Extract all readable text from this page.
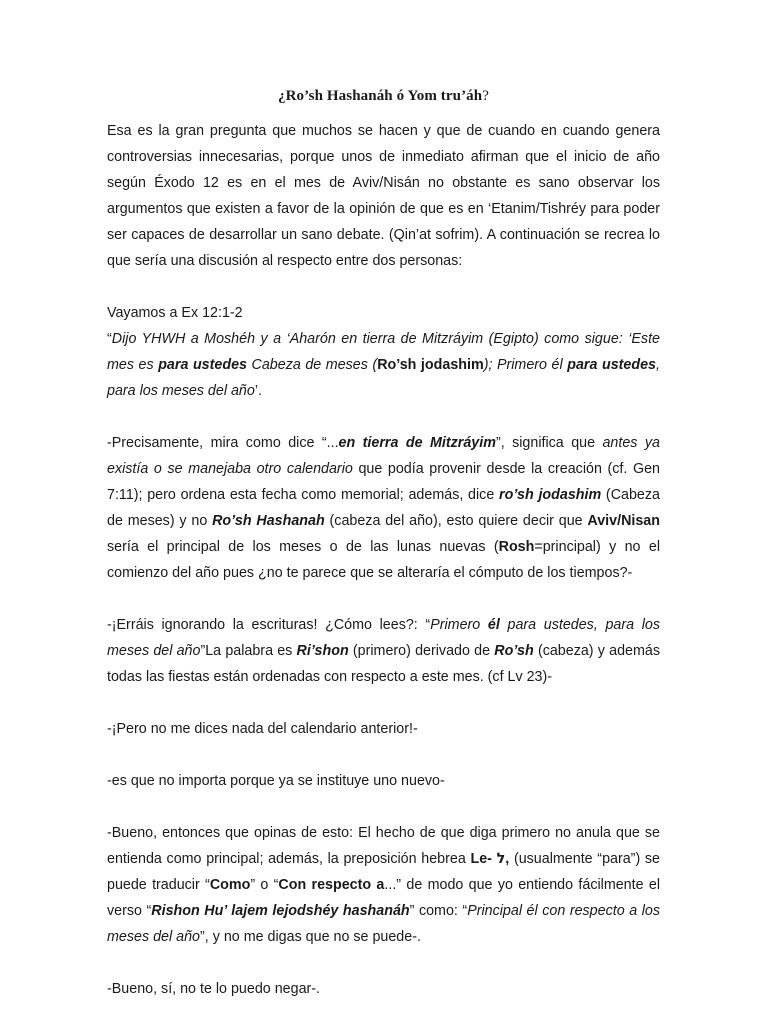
¿Ro’sh Hashanáh ó Yom tru’áh?

Esa es la gran pregunta que muchos se hacen y que de cuando en cuando genera controversias innecesarias, porque unos de inmediato afirman que el inicio de año según Éxodo 12 es en el mes de Aviv/Nisán no obstante es sano observar los argumentos que existen a favor de la opinión de que es en ‘Etanim/Tishréy para poder ser capaces de desarrollar un sano debate. (Qin’at sofrim). A continuación se recrea lo que sería una discusión al respecto entre dos personas:

Vayamos a Ex 12:1-2
“Dijo YHWH a Moshéh y a ‘Aharón en tierra de Mitzráyim (Egipto) como sigue: ‘Este mes es para ustedes Cabeza de meses (Ro’sh jodashim); Primero él para ustedes, para los meses del año’.

-Precisamente, mira como dice “...en tierra de Mitzráyim”, significa que antes ya existía o se manejaba otro calendario que podía provenir desde la creación (cf. Gen 7:11); pero ordena esta fecha como memorial; además, dice ro’sh jodashim (Cabeza de meses) y no Ro’sh Hashanah (cabeza del año), esto quiere decir que Aviv/Nisan sería el principal de los meses o de las lunas nuevas (Rosh=principal) y no el comienzo del año pues ¿no te parece que se alteraría el cómputo de los tiempos?-

-¡Erráis ignorando la escrituras! ¿Cómo lees?: “Primero él para ustedes, para los meses del año”La palabra es Ri’shon (primero) derivado de Ro’sh (cabeza) y además todas las fiestas están ordenadas con respecto a este mes. (cf Lv 23)-

-¡Pero no me dices nada del calendario anterior!-

-es que no importa porque ya se instituye uno nuevo-

-Bueno, entonces que opinas de esto: El hecho de que diga primero no anula que se entienda como principal; además, la preposición hebrea Le- ל, (usualmente “para”) se puede traducir “Como” o “Con respecto a...” de modo que yo entiendo fácilmente el verso “Rishon Hu’ lajem lejodshéy hashanáh” como: “Principal él con respecto a los meses del año”, y no me digas que no se puede-.

-Bueno, sí, no te lo puedo negar-.
